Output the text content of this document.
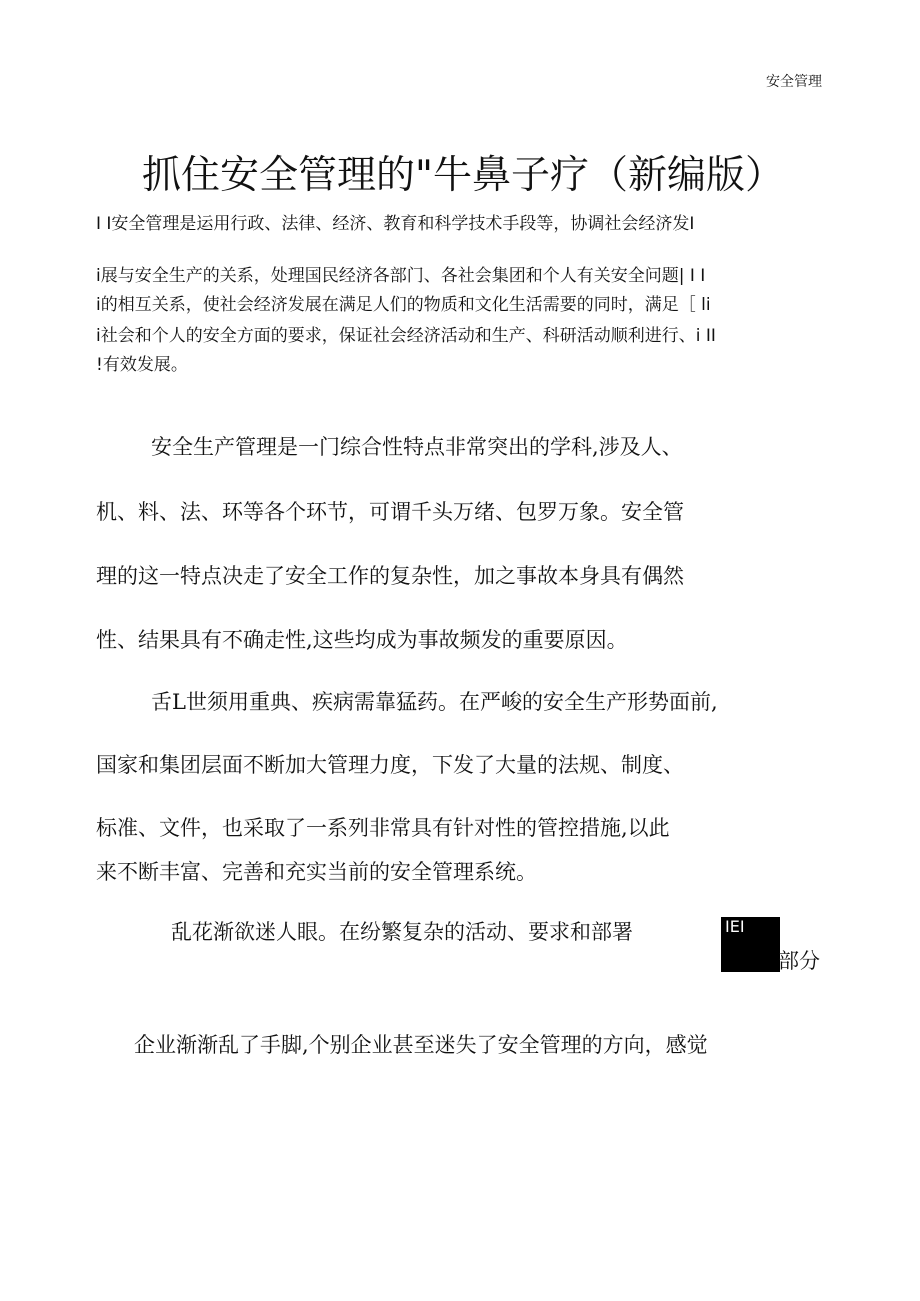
安全管理
抓住安全管理的"牛鼻子疗（新编版）
I I安全管理是运用行政、法律、经济、教育和科学技术手段等，协调社会经济发I
i展与安全生产的关系，处理国民经济各部门、各社会集团和个人有关安全问题| I I
i的相互关系，使社会经济发展在满足人们的物质和文化生活需要的同时，满足［ li
i社会和个人的安全方面的要求，保证社会经济活动和生产、科研活动顺利进行、i II
!有效发展。
安全生产管理是一门综合性特点非常突出的学科,涉及人、
机、料、法、环等各个环节，可谓千头万绪、包罗万象。安全管
理的这一特点决走了安全工作的复杂性，加之事故本身具有偶然
性、结果具有不确走性,这些均成为事故频发的重要原因。
舌L世须用重典、疾病需靠猛药。在严峻的安全生产形势面前,
国家和集团层面不断加大管理力度，下发了大量的法规、制度、
标准、文件，也采取了一系列非常具有针对性的管控措施,以此
来不断丰富、完善和充实当前的安全管理系统。
乱花渐欲迷人眼。在纷繁复杂的活动、要求和部署	IEI
部分
企业渐渐乱了手脚,个别企业甚至迷失了安全管理的方向，感觉
